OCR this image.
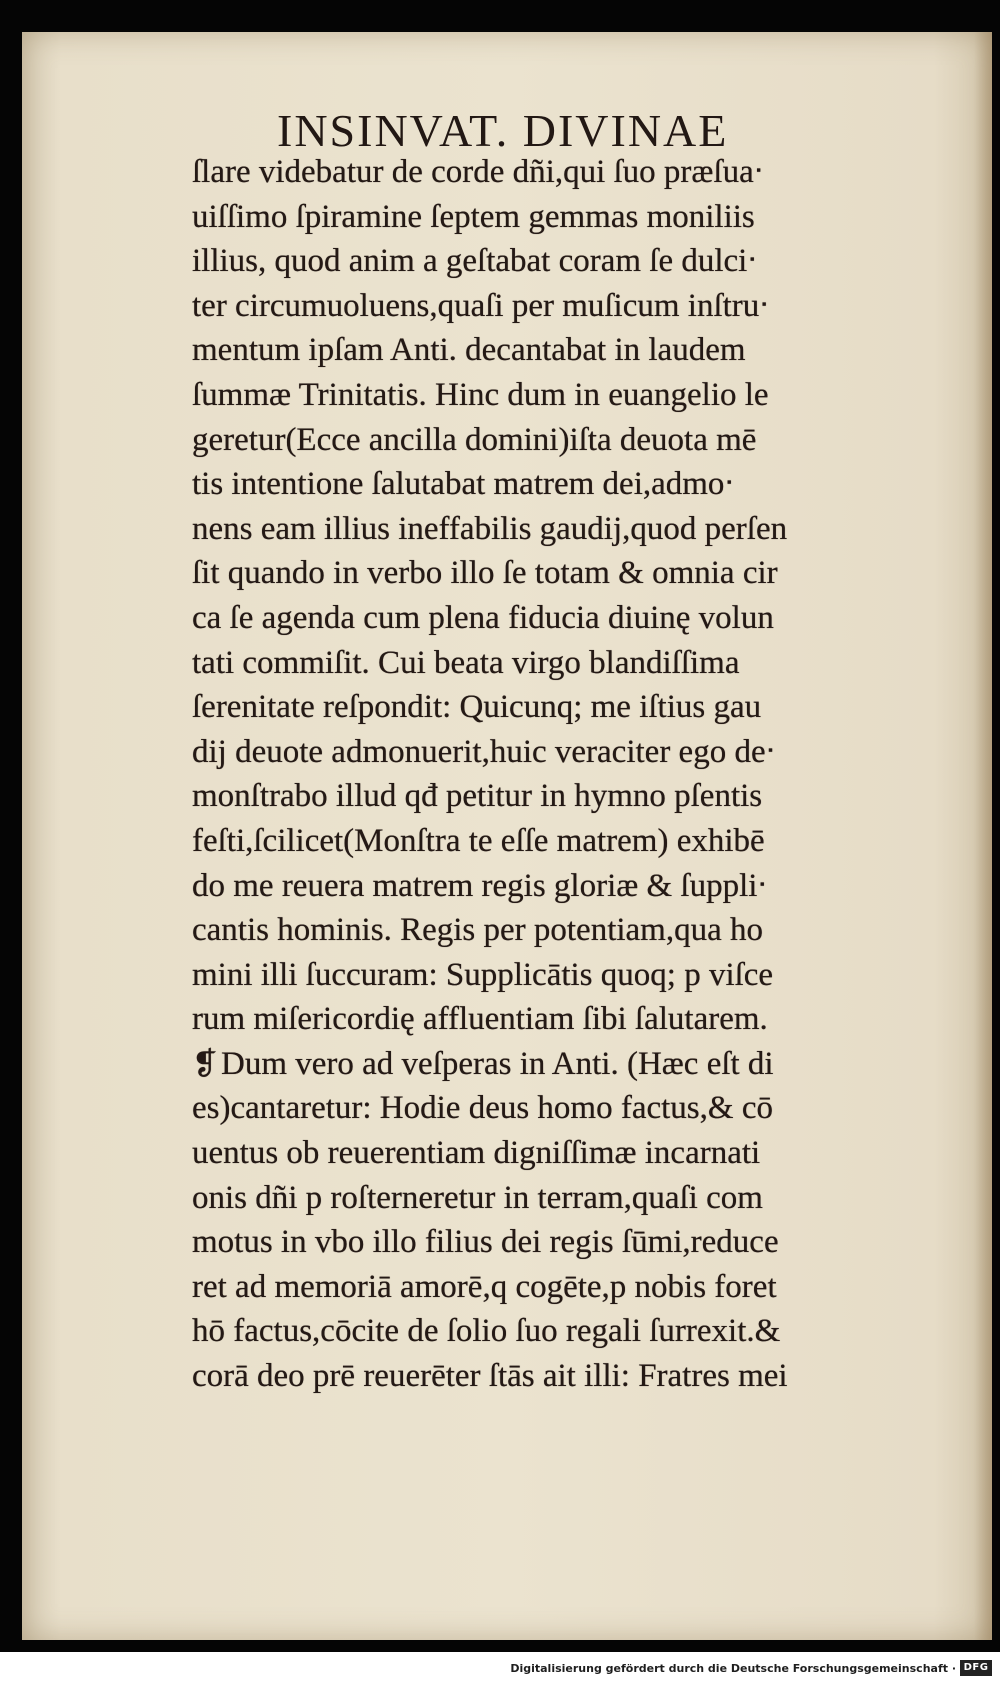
INSINVAT. DIVINAE
ſlare videbatur de corde dñi,qui ſuo præſuaᐧ
uiſſimo ſpiramine ſeptem gemmas moniliis
illius, quod anim a geſtabat coram ſe dulciᐧ
ter circumuoluens,quaſi per muſicum inſtruᐧ
mentum ipſam Anti. decantabat in laudem
ſummæ Trinitatis. Hinc dum in euangelio le
geretur(Ecce ancilla domini)iſta deuota mē
tis intentione ſalutabat matrem dei,admoᐧ
nens eam illius ineffabilis gaudij,quod perſen
ſit quando in verbo illo ſe totam & omnia cir
ca ſe agenda cum plena fiducia diuinę volun
tati commiſit. Cui beata virgo blandiſſima
ſerenitate reſpondit: Quicunq; me iſtius gau
dij deuote admonuerit,huic veraciter ego deᐧ
monſtrabo illud qđ petitur in hymno pſentis
feſti,ſcilicet(Monſtra te eſſe matrem) exhibē
do me reuera matrem regis gloriæ & ſuppliᐧ
cantis hominis. Regis per potentiam,qua ho
mini illi ſuccuram: Supplicātis quoq; p viſce
rum miſericordię affluentiam ſibi ſalutarem.
❡Dum vero ad veſperas in Anti. (Hæc eſt di
es)cantaretur: Hodie deus homo factus,& cō
uentus ob reuerentiam digniſſimæ incarnati
onis dñi p roſterneretur in terram,quaſi com
motus in vbo illo filius dei regis ſūmi,reduce
ret ad memoriā amorē,q cogēte,p nobis foret
hō factus,cōcite de ſolio ſuo regali ſurrexit.&
corā deo prē reuerēter ſtās ait illi: Fratres mei
Digitalisierung gefördert durch die Deutsche Forschungsgemeinschaft · DFG
